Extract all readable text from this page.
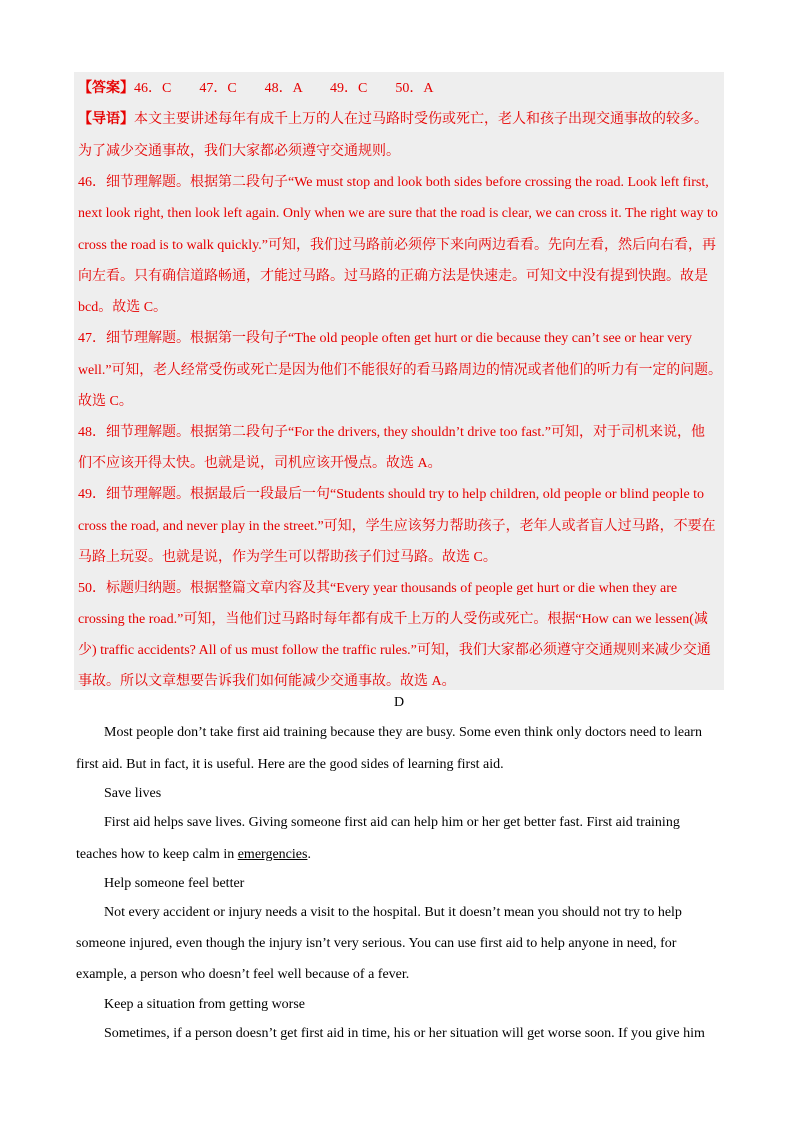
【答案】46．C　　47．C　　48．A　　49．C　　50．A
【导语】本文主要讲述每年有成千上万的人在过马路时受伤或死亡，老人和孩子出现交通事故的较多。
为了减少交通事故，我们大家都必须遵守交通规则。
46．细节理解题。根据第二段句子“We must stop and look both sides before crossing the road. Look left first,
next look right, then look left again. Only when we are sure that the road is clear, we can cross it. The right way to
cross the road is to walk quickly.”可知，我们过马路前必须停下来向两边看看。先向左看，然后向右看，再
向左看。只有确信道路畅通，才能过马路。过马路的正确方法是快速走。可知文中没有提到快跑。故是
bcd。故选 C。
47．细节理解题。根据第一段句子“The old people often get hurt or die because they can’t see or hear very
well.”可知，老人经常受伤或死亡是因为他们不能很好的看马路周边的情况或者他们的听力有一定的问题。
故选 C。
48．细节理解题。根据第二段句子“For the drivers, they shouldn’t drive too fast.”可知，对于司机来说，他
们不应该开得太快。也就是说，司机应该开慢点。故选 A。
49．细节理解题。根据最后一段最后一句“Students should try to help children, old people or blind people to
cross the road, and never play in the street.”可知，学生应该努力帮助孩子，老年人或者盲人过马路，不要在
马路上玩耍。也就是说，作为学生可以帮助孩子们过马路。故选 C。
50．标题归纳题。根据整篇文章内容及其“Every year thousands of people get hurt or die when they are
crossing the road.”可知，当他们过马路时每年都有成千上万的人受伤或死亡。根据“How can we lessen(减
少) traffic accidents? All of us must follow the traffic rules.”可知，我们大家都必须遵守交通规则来减少交通
事故。所以文章想要告诉我们如何能减少交通事故。故选 A。
D
Most people don’t take first aid training because they are busy. Some even think only doctors need to learn
first aid. But in fact, it is useful. Here are the good sides of learning first aid.
Save lives
First aid helps save lives. Giving someone first aid can help him or her get better fast. First aid training
teaches how to keep calm in emergencies.
Help someone feel better
Not every accident or injury needs a visit to the hospital. But it doesn’t mean you should not try to help
someone injured, even though the injury isn’t very serious. You can use first aid to help anyone in need, for
example, a person who doesn’t feel well because of a fever.
Keep a situation from getting worse
Sometimes, if a person doesn’t get first aid in time, his or her situation will get worse soon. If you give him
